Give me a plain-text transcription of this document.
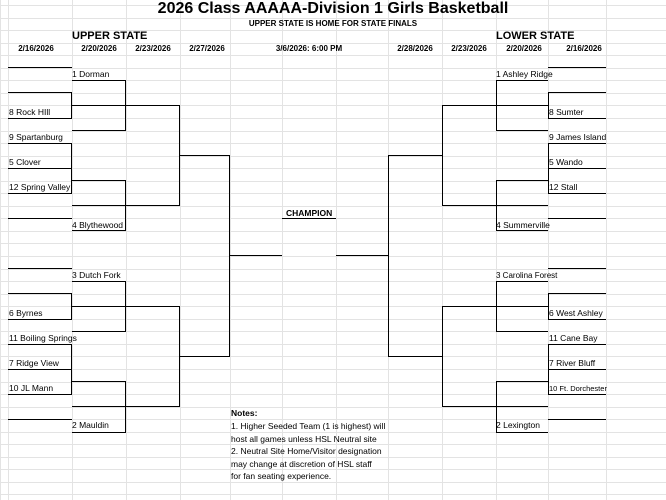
2026 Class AAAAA-Division 1 Girls Basketball
UPPER STATE IS HOME FOR STATE FINALS
UPPER STATE	LOWER STATE
2/16/2026	2/20/2026	2/23/2026	2/27/2026	3/6/2026: 6:00 PM	2/28/2026	2/23/2026	2/20/2026	2/16/2026
1 Dorman
8 Rock HIll
9 Spartanburg
5 Clover
12 Spring Valley
4 Blythewood
3 Dutch Fork
6 Byrnes
11 Boiling Springs
7 Ridge View
10 JL Mann
2 Mauldin
1 Ashley Ridge
8 Sumter
9 James Island
5 Wando
12 Stall
4 Summerville
3 Carolina Forest
6 West Ashley
11 Cane Bay
7 River Bluff
10 Ft. Dorchester
2 Lexington
CHAMPION
Notes:
1. Higher Seeded Team (1 is highest) will
host all games unless HSL Neutral site
2. Neutral Site Home/Visitor designation
may change at discretion of HSL staff
for fan seating experience.
